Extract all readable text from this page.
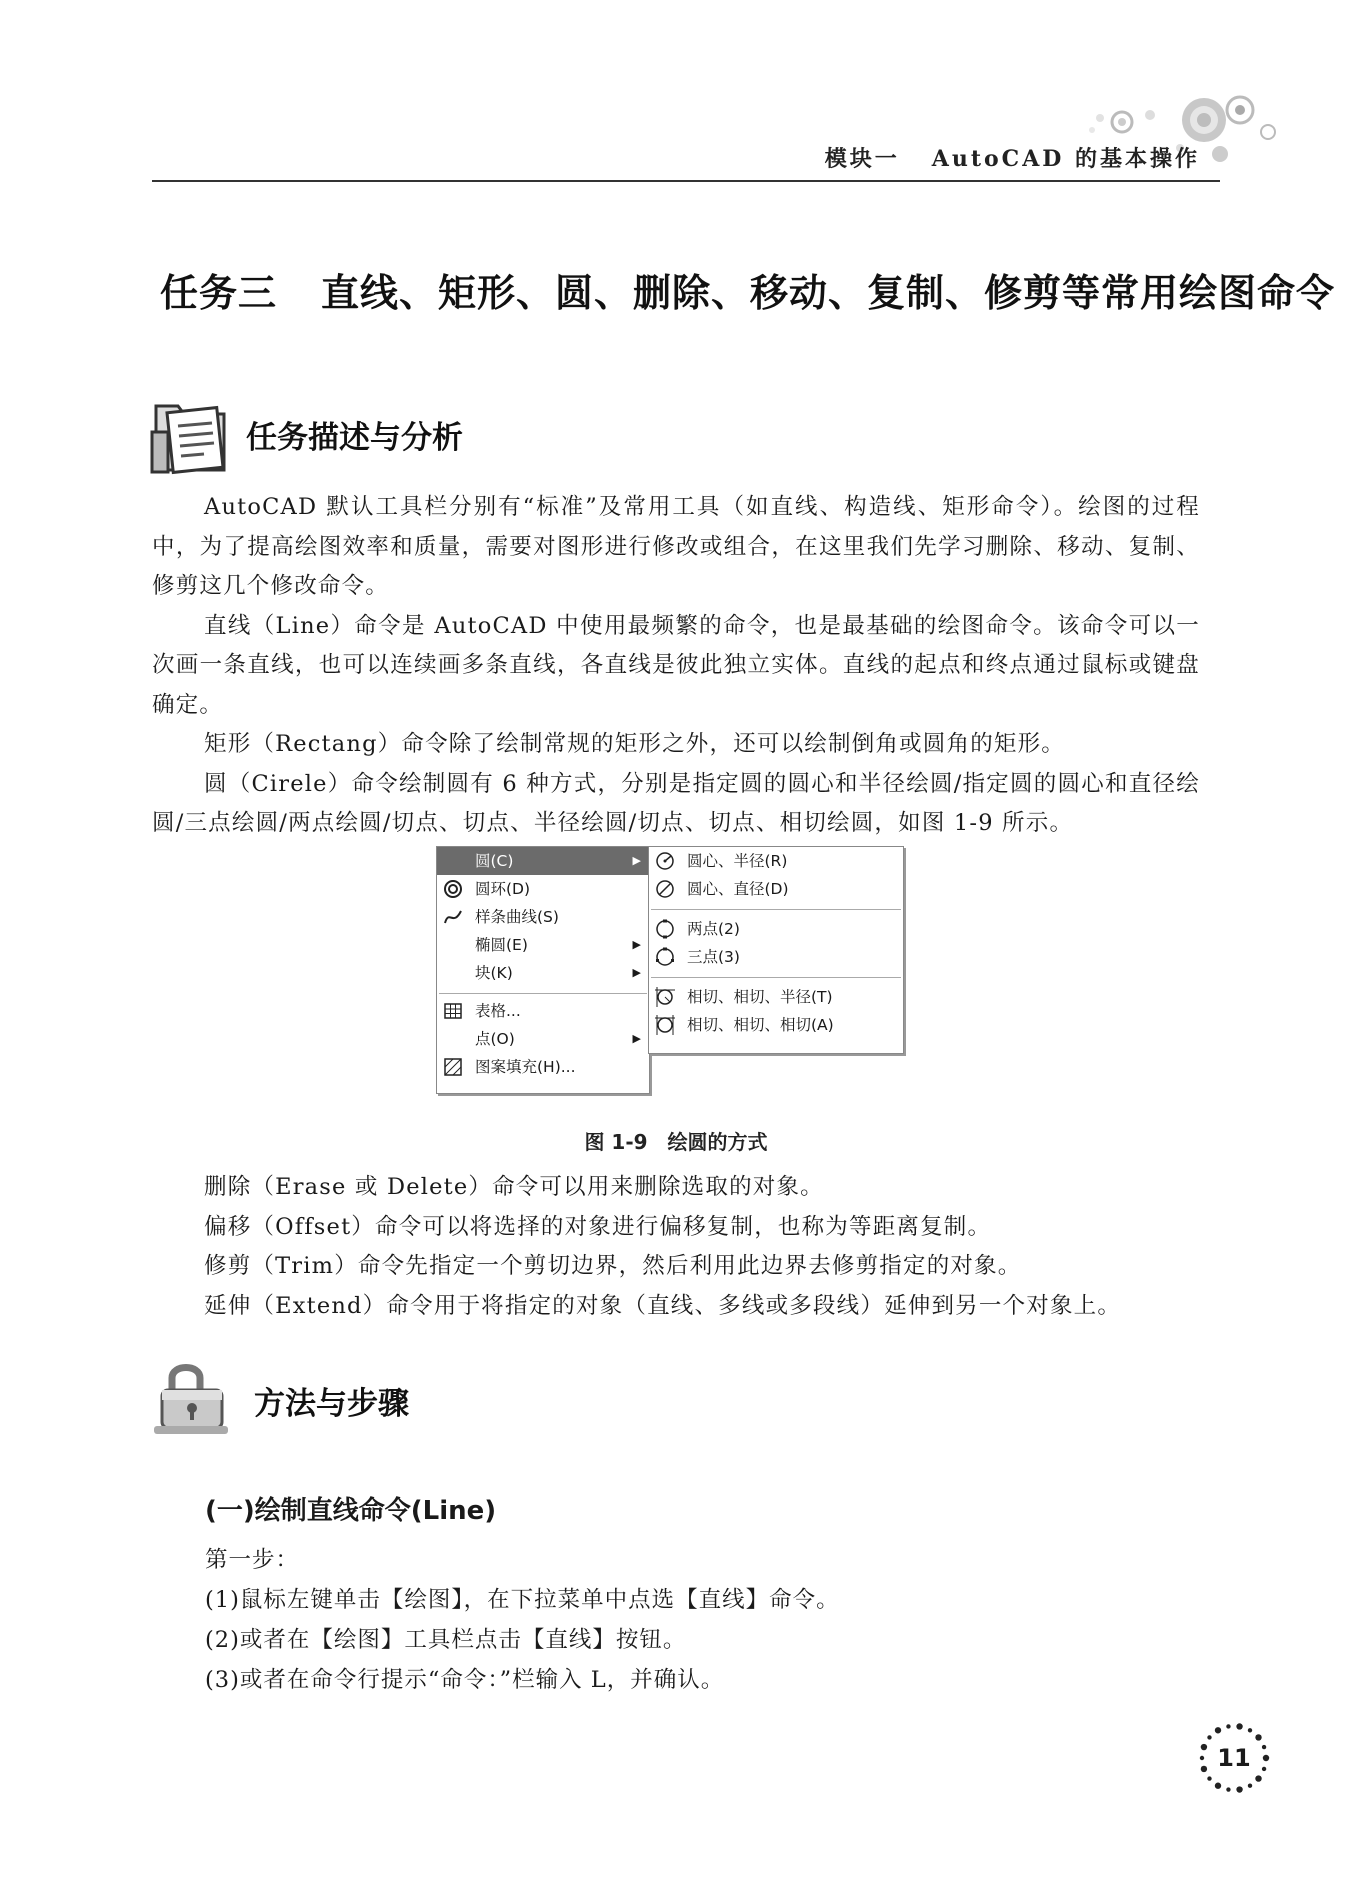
模块一 AutoCAD 的基本操作
任务三 直线、矩形、圆、删除、移动、复制、修剪等常用绘图命令
任务描述与分析

AutoCAD 默认工具栏分别有“标准”及常用工具（如直线、构造线、矩形命令）。绘图的过程中，为了提高绘图效率和质量，需要对图形进行修改或组合，在这里我们先学习删除、移动、复制、修剪这几个修改命令。

直线（Line）命令是 AutoCAD 中使用最频繁的命令，也是最基础的绘图命令。该命令可以一次画一条直线，也可以连续画多条直线，各直线是彼此独立实体。直线的起点和终点通过鼠标或键盘确定。

矩形（Rectang）命令除了绘制常规的矩形之外，还可以绘制倒角或圆角的矩形。

圆（Cirele）命令绘制圆有 6 种方式，分别是指定圆的圆心和半径绘圆/指定圆的圆心和直径绘圆/三点绘圆/两点绘圆/切点、切点、半径绘圆/切点、切点、相切绘圆，如图 1-9 所示。

圆(C)	▶
圆环(D)
样条曲线(S)
椭圆(E)	▶
块(K)	▶
表格...
点(O)	▶
图案填充(H)...
圆心、半径(R)
圆心、直径(D)
两点(2)
三点(3)
相切、相切、半径(T)
相切、相切、相切(A)
图 1-9　绘圆的方式

删除（Erase 或 Delete）命令可以用来删除选取的对象。

偏移（Offset）命令可以将选择的对象进行偏移复制，也称为等距离复制。

修剪（Trim）命令先指定一个剪切边界，然后利用此边界去修剪指定的对象。

延伸（Extend）命令用于将指定的对象（直线、多线或多段线）延伸到另一个对象上。

方法与步骤
(一)绘制直线命令(Line)
第一步：
(1)鼠标左键单击【绘图】，在下拉菜单中点选【直线】命令。
(2)或者在【绘图】工具栏点击【直线】按钮。
(3)或者在命令行提示“命令：”栏输入 L，并确认。
11
